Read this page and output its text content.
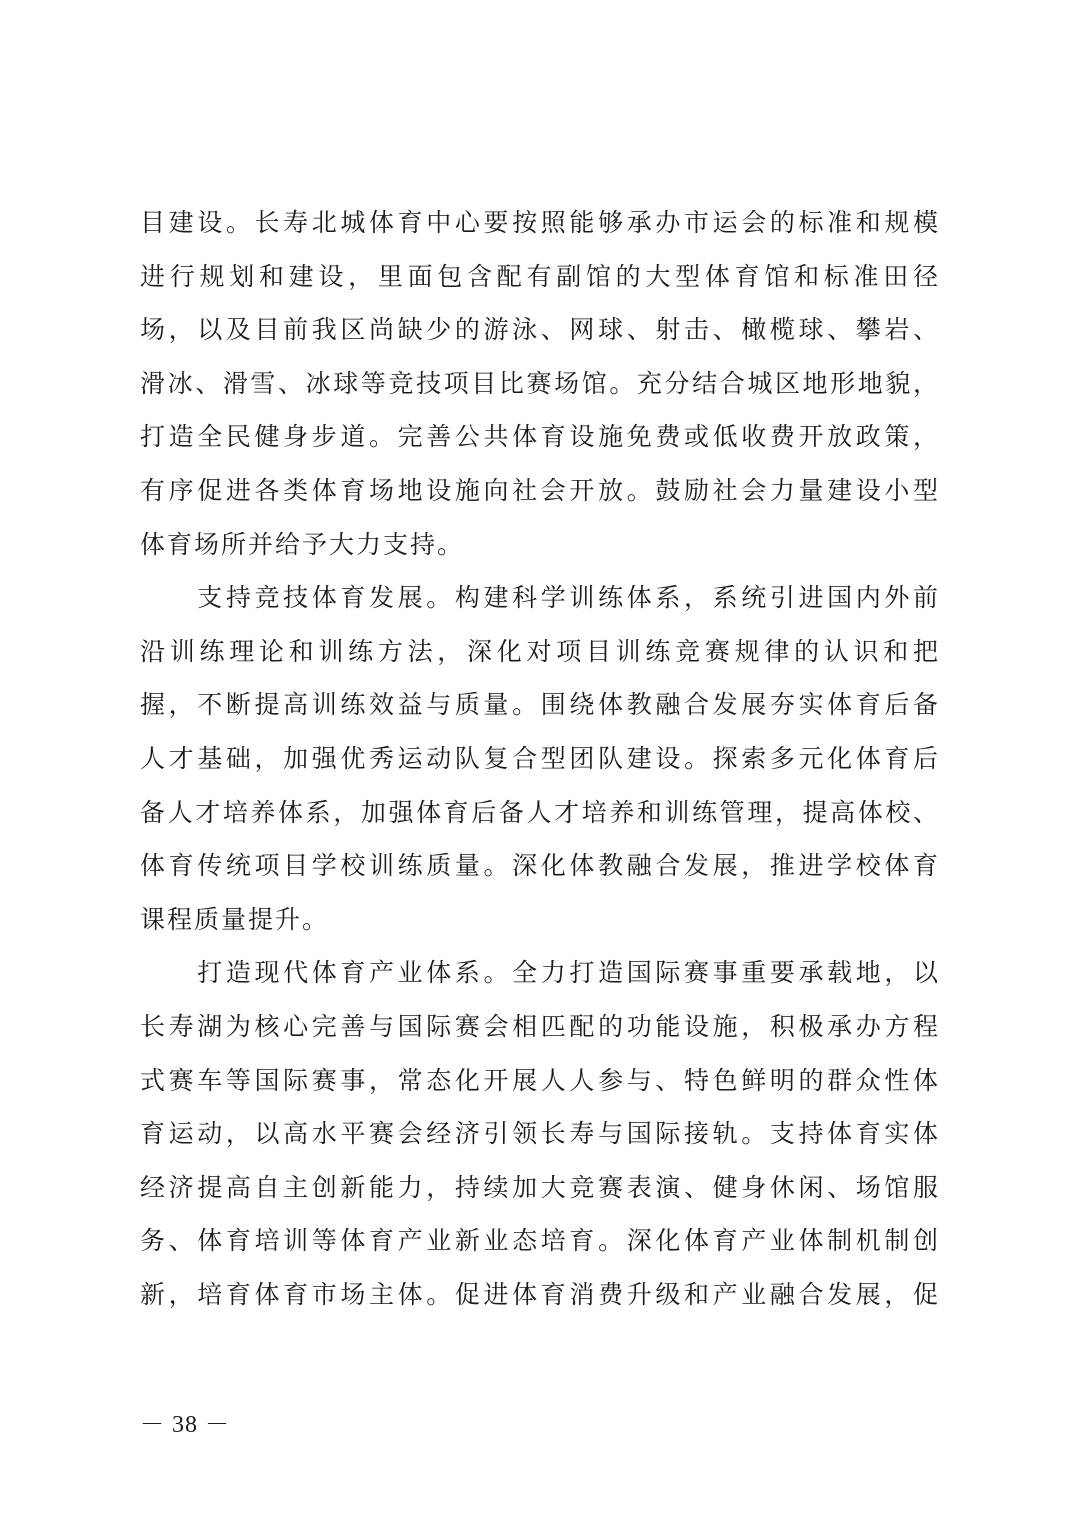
目建设。长寿北城体育中心要按照能够承办市运会的标准和规模
进行规划和建设，里面包含配有副馆的大型体育馆和标准田径
场，以及目前我区尚缺少的游泳、网球、射击、橄榄球、攀岩、
滑冰、滑雪、冰球等竞技项目比赛场馆。充分结合城区地形地貌，
打造全民健身步道。完善公共体育设施免费或低收费开放政策，
有序促进各类体育场地设施向社会开放。鼓励社会力量建设小型
体育场所并给予大力支持。
　　支持竞技体育发展。构建科学训练体系，系统引进国内外前
沿训练理论和训练方法，深化对项目训练竞赛规律的认识和把
握，不断提高训练效益与质量。围绕体教融合发展夯实体育后备
人才基础，加强优秀运动队复合型团队建设。探索多元化体育后
备人才培养体系，加强体育后备人才培养和训练管理，提高体校、
体育传统项目学校训练质量。深化体教融合发展，推进学校体育
课程质量提升。
　　打造现代体育产业体系。全力打造国际赛事重要承载地，以
长寿湖为核心完善与国际赛会相匹配的功能设施，积极承办方程
式赛车等国际赛事，常态化开展人人参与、特色鲜明的群众性体
育运动，以高水平赛会经济引领长寿与国际接轨。支持体育实体
经济提高自主创新能力，持续加大竞赛表演、健身休闲、场馆服
务、体育培训等体育产业新业态培育。深化体育产业体制机制创
新，培育体育市场主体。促进体育消费升级和产业融合发展，促
－ 38 －
